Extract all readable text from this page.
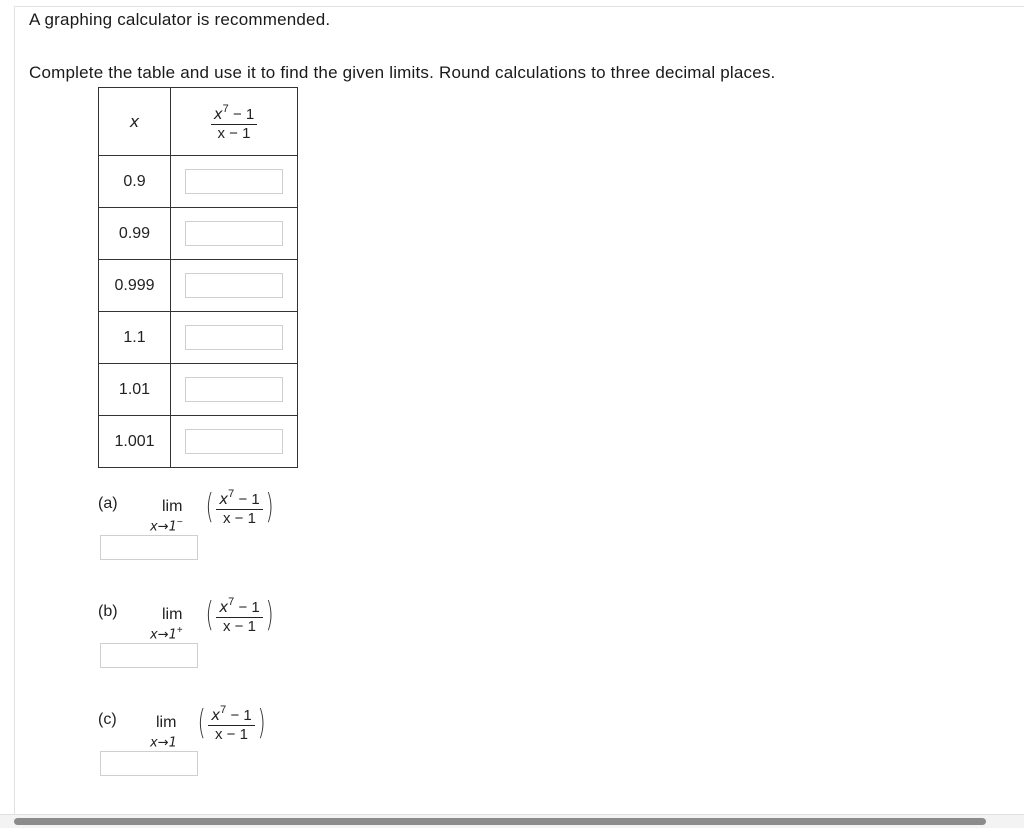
A graphing calculator is recommended.
Complete the table and use it to find the given limits. Round calculations to three decimal places.
x	$\frac{x^7 - 1}{x - 1}$

0.9	
0.99	
0.999	
1.1	
1.01	
1.001	
(a)	lim
x→1− ( $\frac{x^7 - 1}{x - 1}$ )
(b)	lim
x→1+ ( $\frac{x^7 - 1}{x - 1}$ )
(c) lim
x→1 ( $\frac{x^7 - 1}{x - 1}$ )
